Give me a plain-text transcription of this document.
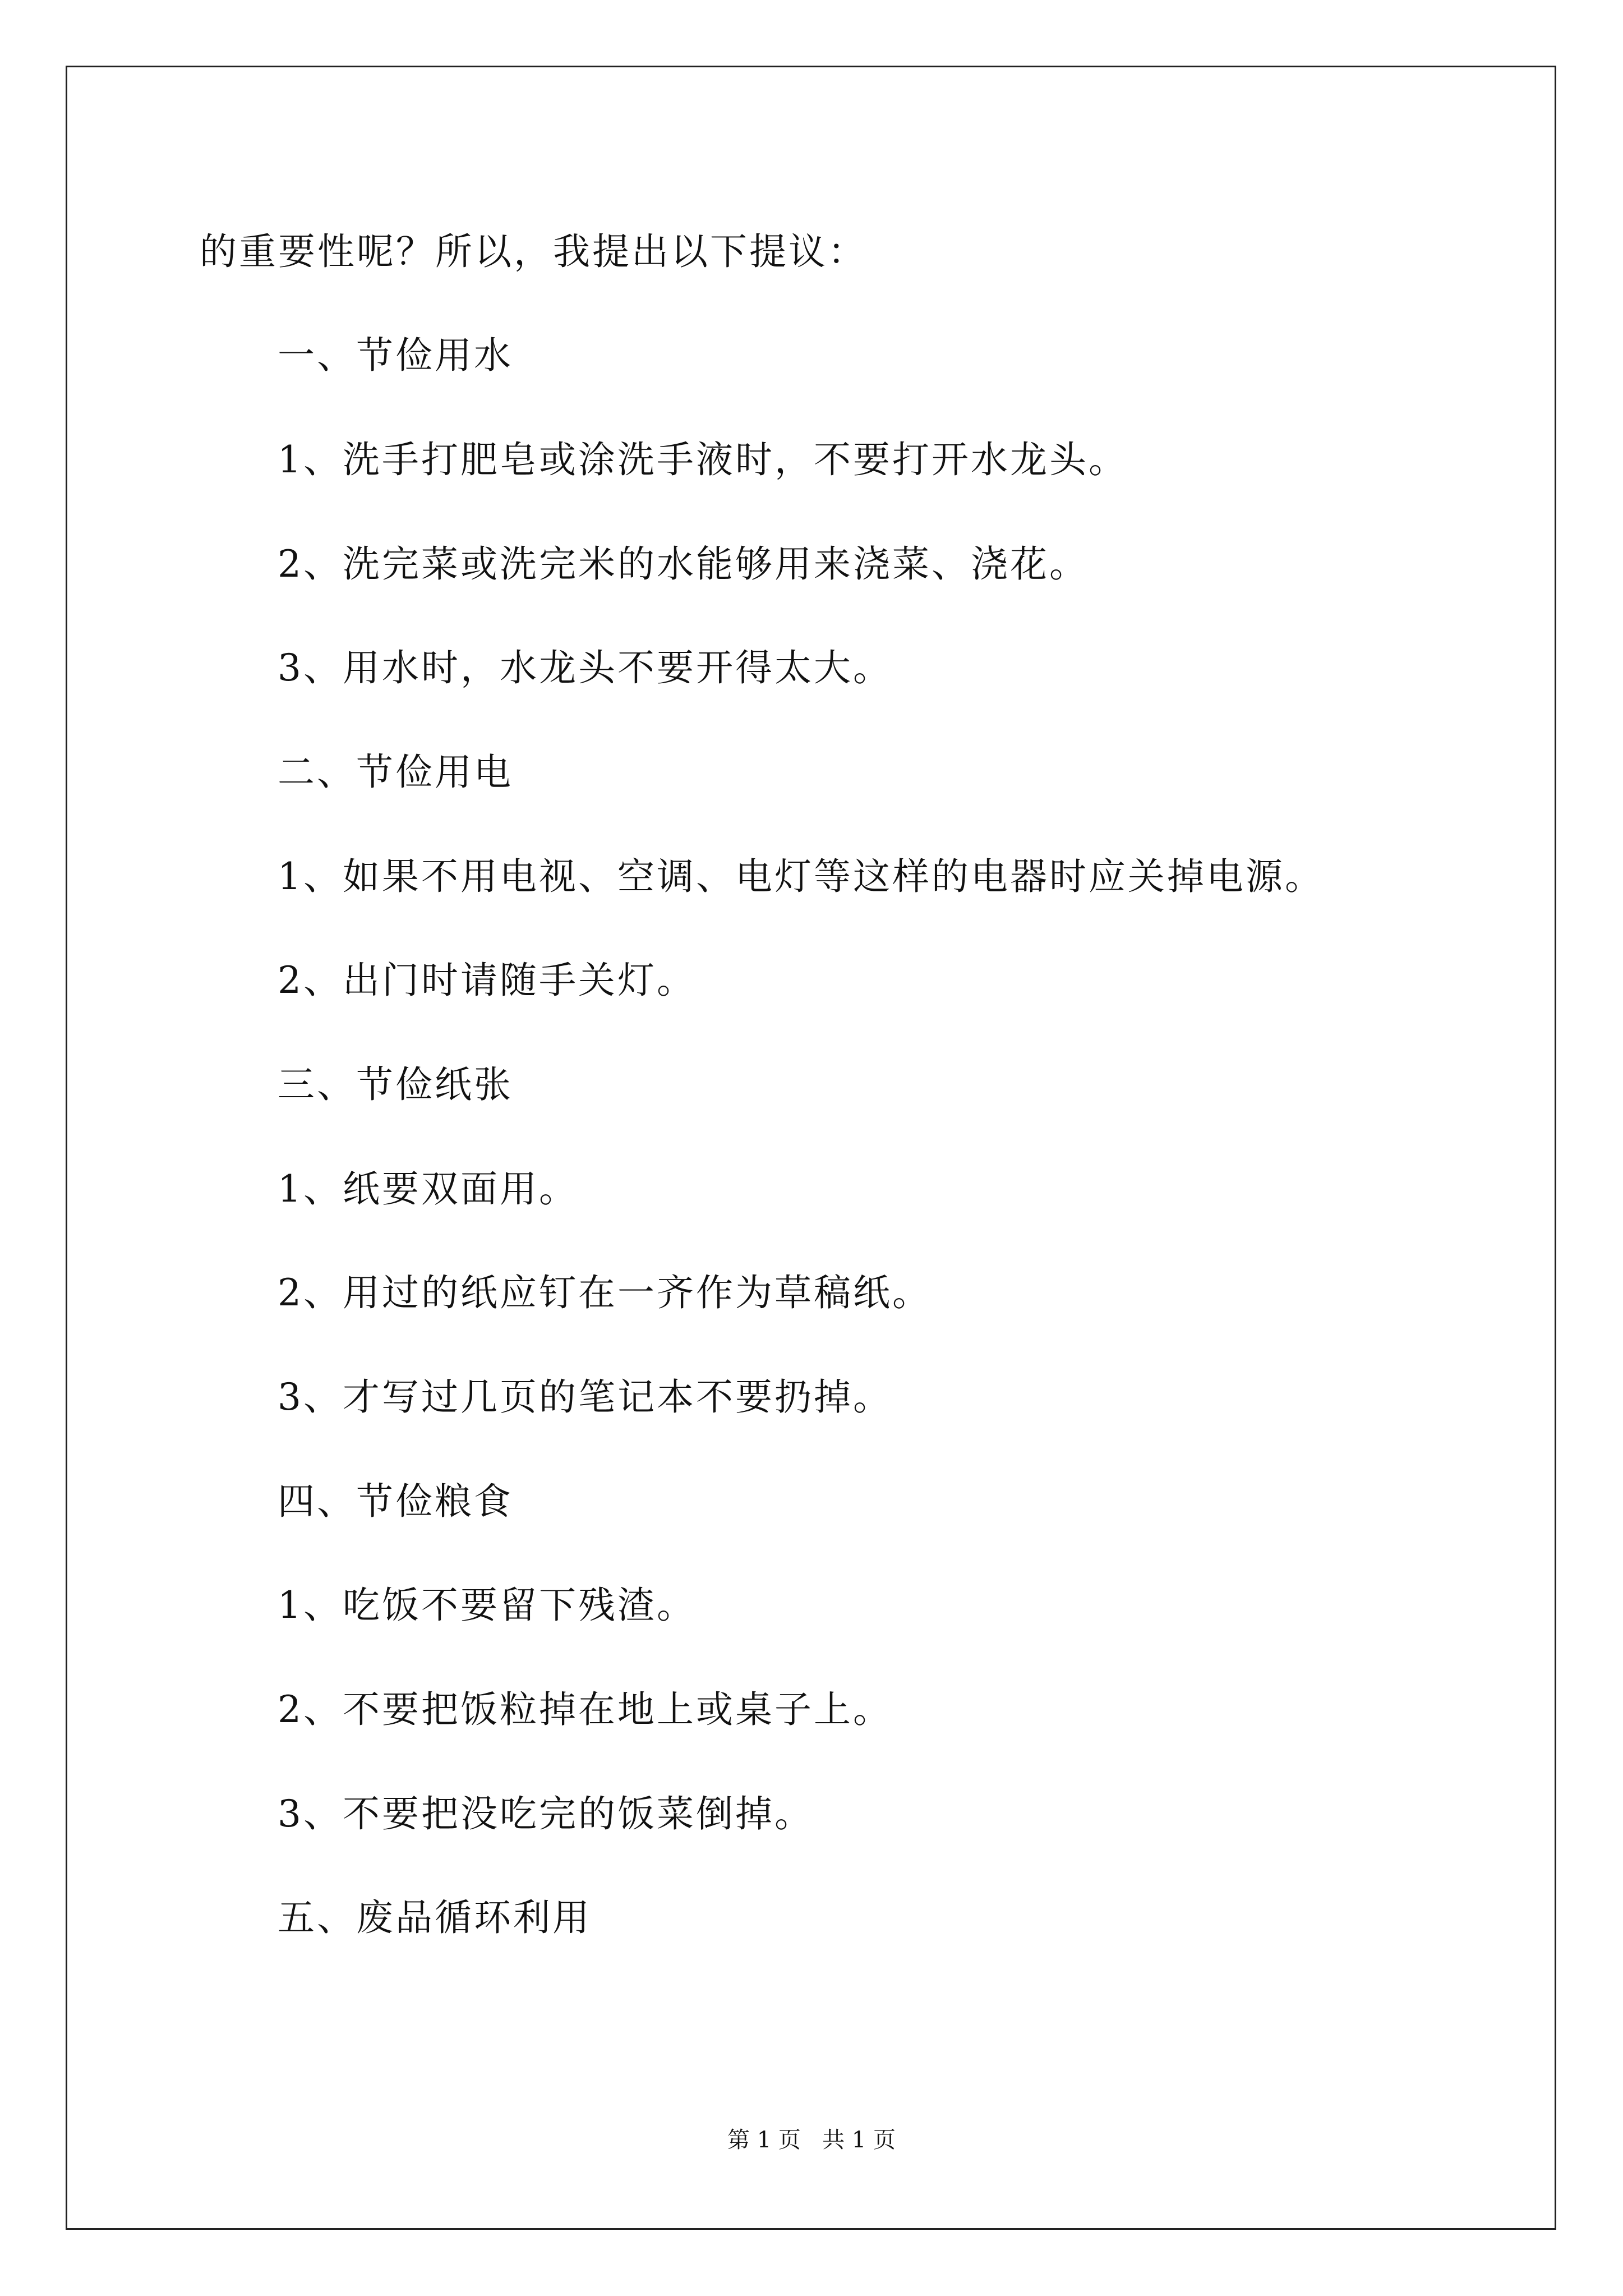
的重要性呢？所以，我提出以下提议：
一、节俭用水
1、洗手打肥皂或涂洗手液时，不要打开水龙头。
2、洗完菜或洗完米的水能够用来浇菜、浇花。
3、用水时，水龙头不要开得太大。
二、节俭用电
1、如果不用电视、空调、电灯等这样的电器时应关掉电源。
2、出门时请随手关灯。
三、节俭纸张
1、纸要双面用。
2、用过的纸应钉在一齐作为草稿纸。
3、才写过几页的笔记本不要扔掉。
四、节俭粮食
1、吃饭不要留下残渣。
2、不要把饭粒掉在地上或桌子上。
3、不要把没吃完的饭菜倒掉。
五、废品循环利用
第 1 页   共 1 页
